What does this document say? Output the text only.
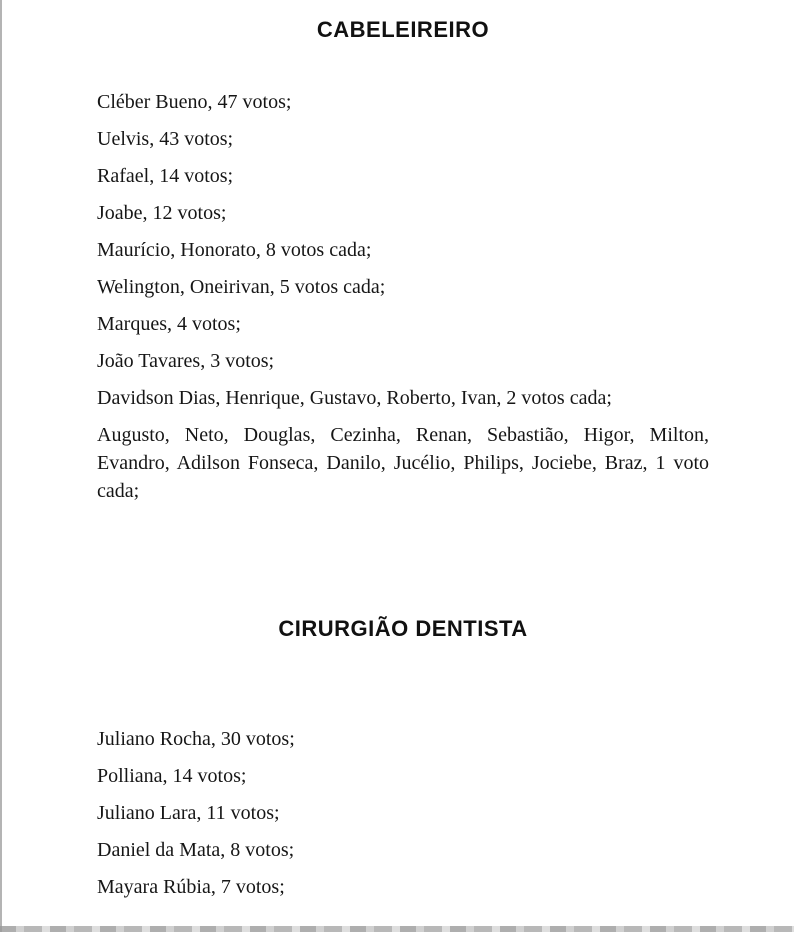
CABELEIREIRO

Cléber Bueno, 47 votos;

Uelvis, 43 votos;

Rafael, 14 votos;

Joabe, 12 votos;

Maurício, Honorato, 8 votos cada;

Welington, Oneirivan, 5 votos cada;

Marques, 4 votos;

João Tavares, 3 votos;

Davidson Dias, Henrique, Gustavo, Roberto, Ivan, 2 votos cada;

Augusto, Neto, Douglas, Cezinha, Renan, Sebastião, Higor, Milton, Evandro, Adilson Fonseca, Danilo, Jucélio, Philips, Jociebe, Braz, 1 voto cada;

CIRURGIÃO DENTISTA

Juliano Rocha, 30 votos;

Polliana, 14 votos;

Juliano Lara, 11 votos;

Daniel da Mata, 8 votos;

Mayara Rúbia, 7 votos;
